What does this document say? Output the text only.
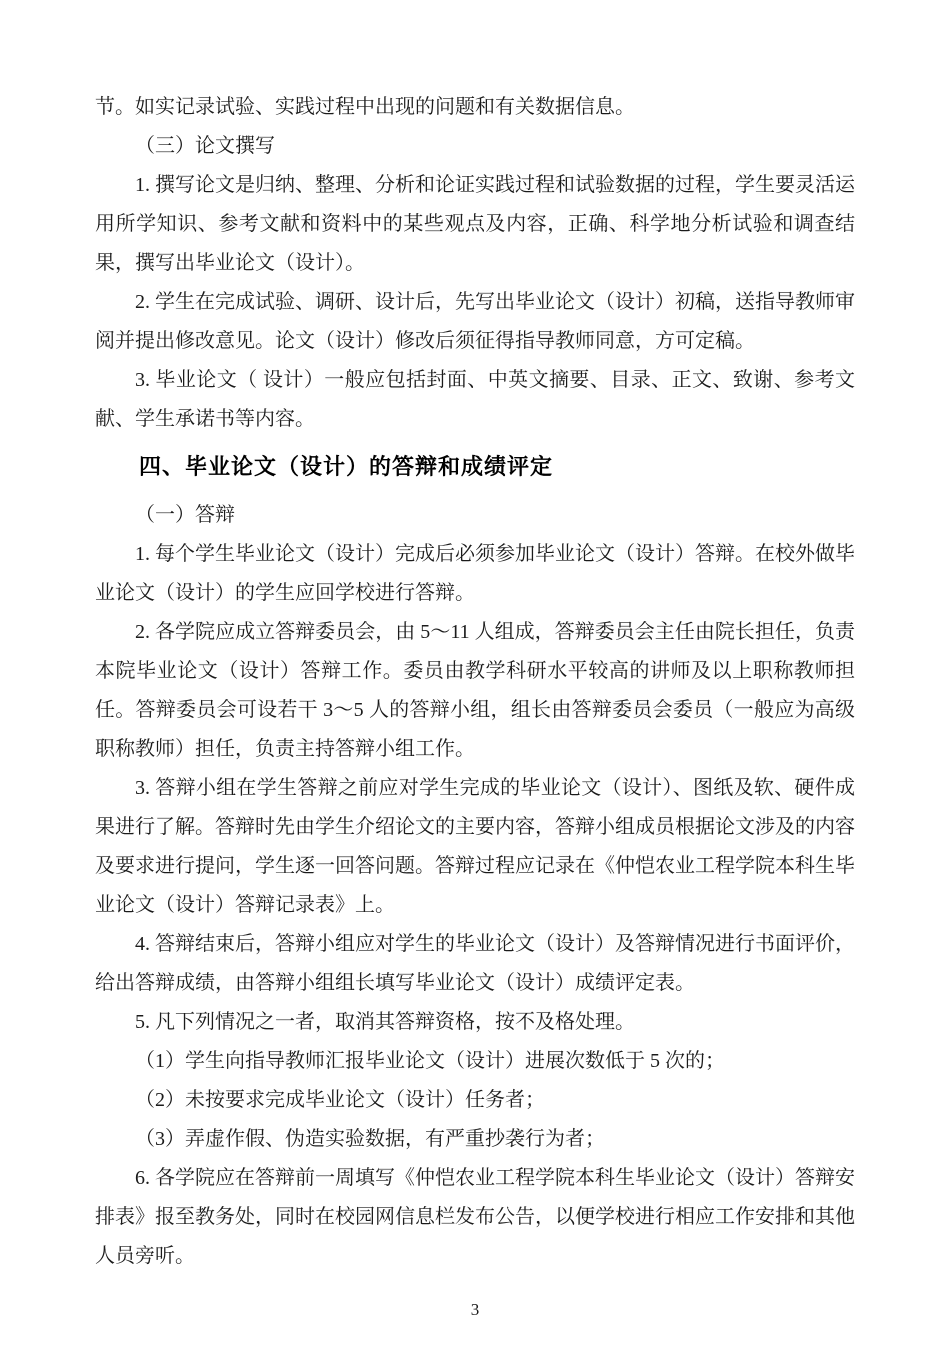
节。如实记录试验、实践过程中出现的问题和有关数据信息。

（三）论文撰写

1. 撰写论文是归纳、整理、分析和论证实践过程和试验数据的过程，学生要灵活运用所学知识、参考文献和资料中的某些观点及内容，正确、科学地分析试验和调查结果，撰写出毕业论文（设计）。

2. 学生在完成试验、调研、设计后，先写出毕业论文（设计）初稿，送指导教师审阅并提出修改意见。论文（设计）修改后须征得指导教师同意，方可定稿。

3. 毕业论文（ 设计）一般应包括封面、中英文摘要、目录、正文、致谢、参考文献、学生承诺书等内容。

四、毕业论文（设计）的答辩和成绩评定

（一）答辩

1. 每个学生毕业论文（设计）完成后必须参加毕业论文（设计）答辩。在校外做毕业论文（设计）的学生应回学校进行答辩。

2. 各学院应成立答辩委员会，由 5～11 人组成，答辩委员会主任由院长担任，负责本院毕业论文（设计）答辩工作。委员由教学科研水平较高的讲师及以上职称教师担任。答辩委员会可设若干 3～5 人的答辩小组，组长由答辩委员会委员（一般应为高级职称教师）担任，负责主持答辩小组工作。

3. 答辩小组在学生答辩之前应对学生完成的毕业论文（设计）、图纸及软、硬件成果进行了解。答辩时先由学生介绍论文的主要内容，答辩小组成员根据论文涉及的内容及要求进行提问，学生逐一回答问题。答辩过程应记录在《仲恺农业工程学院本科生毕业论文（设计）答辩记录表》上。

4. 答辩结束后，答辩小组应对学生的毕业论文（设计）及答辩情况进行书面评价，给出答辩成绩，由答辩小组组长填写毕业论文（设计）成绩评定表。

5. 凡下列情况之一者，取消其答辩资格，按不及格处理。

（1）学生向指导教师汇报毕业论文（设计）进展次数低于 5 次的；

（2）未按要求完成毕业论文（设计）任务者；

（3）弄虚作假、伪造实验数据，有严重抄袭行为者；

6. 各学院应在答辩前一周填写《仲恺农业工程学院本科生毕业论文（设计）答辩安排表》报至教务处，同时在校园网信息栏发布公告，以便学校进行相应工作安排和其他人员旁听。

3
